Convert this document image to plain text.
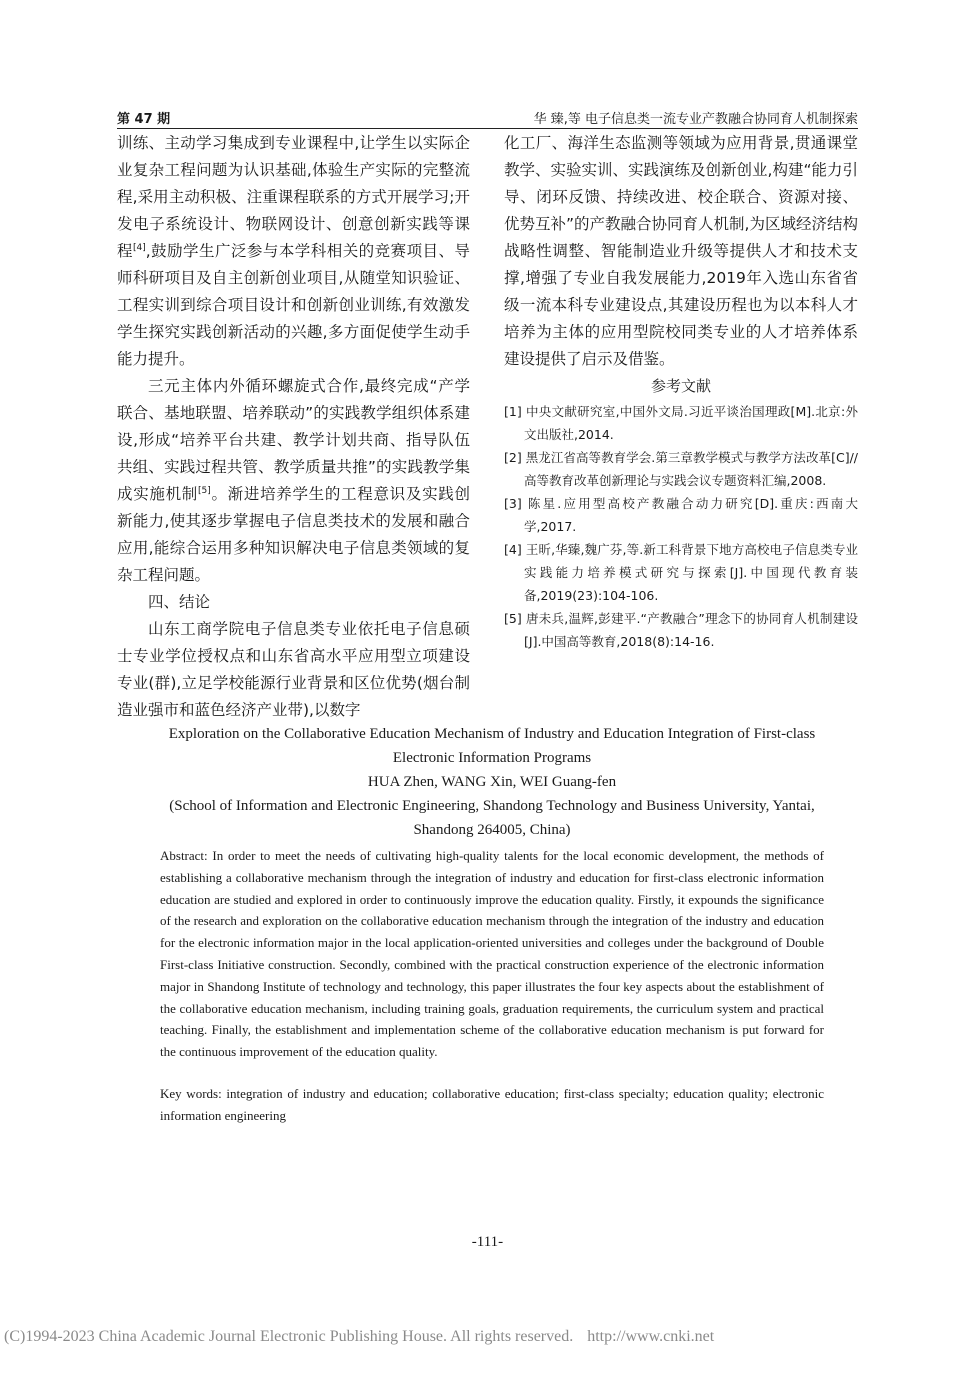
第 47 期	华 臻,等 电子信息类一流专业产教融合协同育人机制探索

训练、主动学习集成到专业课程中,让学生以实际企业复杂工程问题为认识基础,体验生产实际的完整流程,采用主动积极、注重课程联系的方式开展学习;开发电子系统设计、物联网设计、创意创新实践等课程[4],鼓励学生广泛参与本学科相关的竞赛项目、导师科研项目及自主创新创业项目,从随堂知识验证、工程实训到综合项目设计和创新创业训练,有效激发学生探究实践创新活动的兴趣,多方面促使学生动手能力提升。

三元主体内外循环螺旋式合作,最终完成“产学联合、基地联盟、培养联动”的实践教学组织体系建设,形成“培养平台共建、教学计划共商、指导队伍共组、实践过程共管、教学质量共推”的实践教学集成实施机制[5]。渐进培养学生的工程意识及实践创新能力,使其逐步掌握电子信息类技术的发展和融合应用,能综合运用多种知识解决电子信息类领域的复杂工程问题。

四、结论

山东工商学院电子信息类专业依托电子信息硕士专业学位授权点和山东省高水平应用型立项建设专业(群),立足学校能源行业背景和区位优势(烟台制造业强市和蓝色经济产业带),以数字

化工厂、海洋生态监测等领域为应用背景,贯通课堂教学、实验实训、实践演练及创新创业,构建“能力引导、闭环反馈、持续改进、校企联合、资源对接、优势互补”的产教融合协同育人机制,为区域经济结构战略性调整、智能制造业升级等提供人才和技术支撑,增强了专业自我发展能力,2019年入选山东省省级一流本科专业建设点,其建设历程也为以本科人才培养为主体的应用型院校同类专业的人才培养体系建设提供了启示及借鉴。

参考文献

[1] 中央文献研究室,中国外文局.习近平谈治国理政[M].北京:外文出版社,2014.

[2] 黑龙江省高等教育学会.第三章教学模式与教学方法改革[C]//高等教育改革创新理论与实践会议专题资料汇编,2008.

[3] 陈星.应用型高校产教融合动力研究[D].重庆:西南大学,2017.

[4] 王昕,华臻,魏广芬,等.新工科背景下地方高校电子信息类专业实践能力培养模式研究与探索[J].中国现代教育装备,2019(23):104-106.

[5] 唐未兵,温辉,彭建平.“产教融合”理念下的协同育人机制建设[J].中国高等教育,2018(8):14-16.

Exploration on the Collaborative Education Mechanism of Industry and Education Integration of First-class Electronic Information Programs
HUA Zhen, WANG Xin, WEI Guang-fen
(School of Information and Electronic Engineering, Shandong Technology and Business University, Yantai, Shandong 264005, China)
Abstract: In order to meet the needs of cultivating high-quality talents for the local economic development, the methods of establishing a collaborative mechanism through the integration of industry and education for first-class electronic information education are studied and explored in order to continuously improve the education quality. Firstly, it expounds the significance of the research and exploration on the collaborative education mechanism through the integration of the industry and education for the electronic information major in the local application-oriented universities and colleges under the background of Double First-class Initiative construction. Secondly, combined with the practical construction experience of the electronic information major in Shandong Institute of technology and technology, this paper illustrates the four key aspects about the establishment of the collaborative education mechanism, including training goals, graduation requirements, the curriculum system and practical teaching. Finally, the establishment and implementation scheme of the collaborative education mechanism is put forward for the continuous improvement of the education quality.
Key words: integration of industry and education; collaborative education; first-class specialty; education quality; electronic information engineering
-111-
(C)1994-2023 China Academic Journal Electronic Publishing House. All rights reserved. http://www.cnki.net
